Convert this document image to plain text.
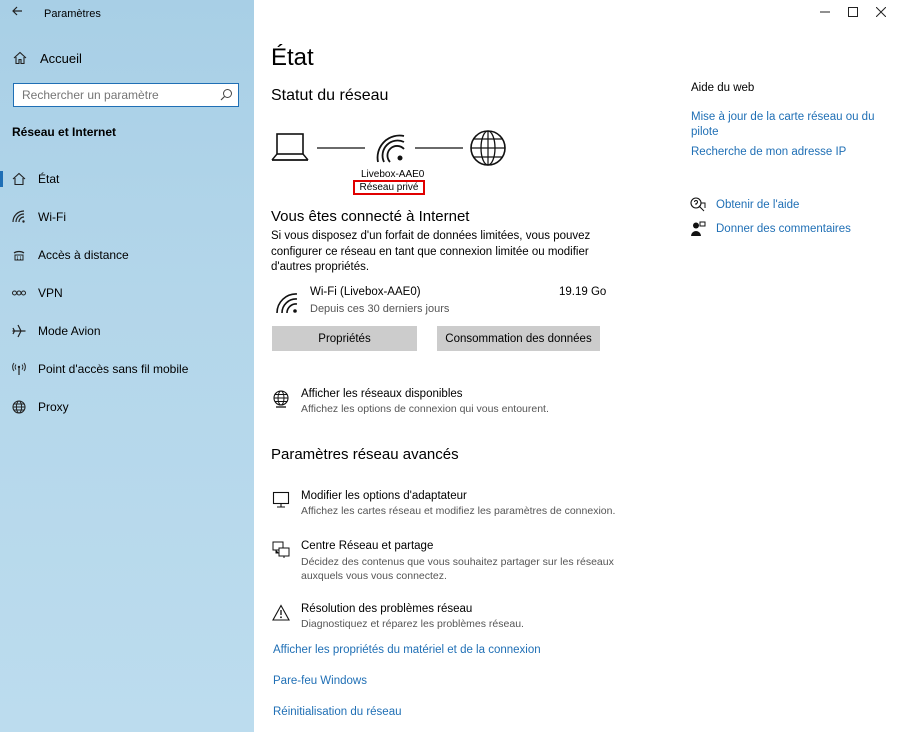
Paramètres
Accueil
Rechercher un paramètre
Réseau et Internet
État
Wi-Fi
Accès à distance
VPN
Mode Avion
Point d'accès sans fil mobile
Proxy
État
Statut du réseau
Livebox-AAE0
Réseau privé
Vous êtes connecté à Internet
Si vous disposez d'un forfait de données limitées, vous pouvez configurer ce réseau en tant que connexion limitée ou modifier d'autres propriétés.
Wi-Fi (Livebox-AAE0)
Depuis ces 30 derniers jours
19.19 Go
Propriétés	Consommation des données
Afficher les réseaux disponibles
Affichez les options de connexion qui vous entourent.
Paramètres réseau avancés
Modifier les options d'adaptateur
Affichez les cartes réseau et modifiez les paramètres de connexion.
Centre Réseau et partage
Décidez des contenus que vous souhaitez partager sur les réseaux auxquels vous vous connectez.
Résolution des problèmes réseau
Diagnostiquez et réparez les problèmes réseau.
Afficher les propriétés du matériel et de la connexion
Pare-feu Windows
Réinitialisation du réseau
Aide du web
Mise à jour de la carte réseau ou du pilote
Recherche de mon adresse IP
Obtenir de l'aide
Donner des commentaires
